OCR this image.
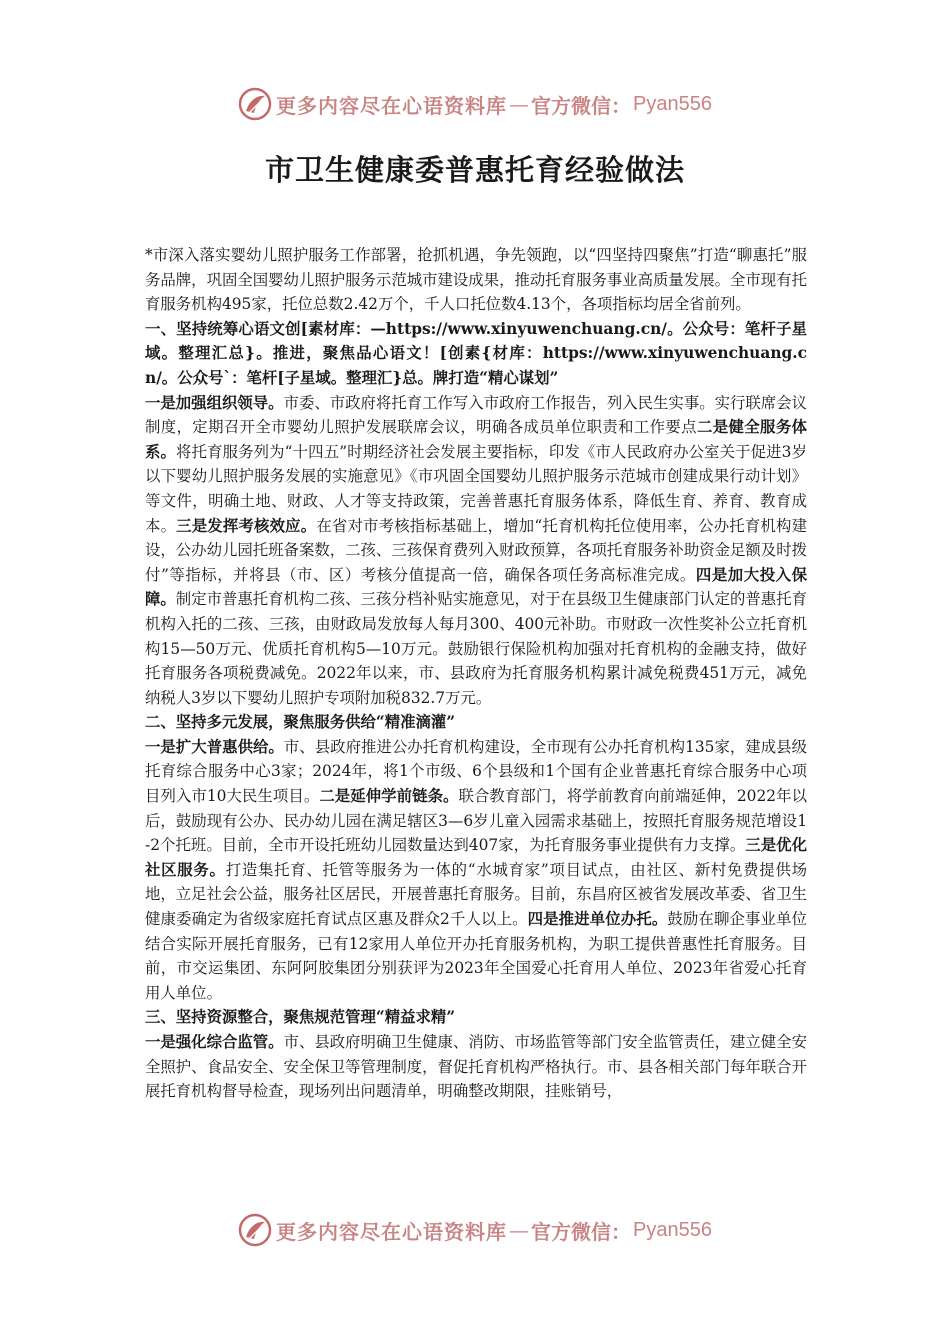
更多内容尽在心语资料库 — 官方微信： Pyan556
市卫生健康委普惠托育经验做法

*市深入落实婴幼儿照护服务工作部署，抢抓机遇，争先领跑，以“四坚持四聚焦”打造“聊惠托”服务品牌，巩固全国婴幼儿照护服务示范城市建设成果，推动托育服务事业高质量发展。全市现有托育服务机构495家，托位总数2.42万个，千人口托位数4.13个，各项指标均居全省前列。

一、坚持统筹心语文创[素材库：—https://www.xinyuwenchuang.cn/。公众号：笔杆子星域。整理汇总}。推进，聚焦品心语文！[创素{材库：https://www.xinyuwenchuang.cn/。公众号`：笔杆[子星域。整理汇}总。牌打造“精心谋划”

一是加强组织领导。市委、市政府将托育工作写入市政府工作报告，列入民生实事。实行联席会议制度，定期召开全市婴幼儿照护发展联席会议，明确各成员单位职责和工作要点二是健全服务体系。将托育服务列为“十四五”时期经济社会发展主要指标，印发《市人民政府办公室关于促进3岁以下婴幼儿照护服务发展的实施意见》《市巩固全国婴幼儿照护服务示范城市创建成果行动计划》等文件，明确土地、财政、人才等支持政策，完善普惠托育服务体系，降低生育、养育、教育成本。三是发挥考核效应。在省对市考核指标基础上，增加“托育机构托位使用率，公办托育机构建设，公办幼儿园托班备案数，二孩、三孩保育费列入财政预算，各项托育服务补助资金足额及时拨付”等指标，并将县（市、区）考核分值提高一倍，确保各项任务高标准完成。四是加大投入保障。制定市普惠托育机构二孩、三孩分档补贴实施意见，对于在县级卫生健康部门认定的普惠托育机构入托的二孩、三孩，由财政局发放每人每月300、400元补助。市财政一次性奖补公立托育机构15—50万元、优质托育机构5—10万元。鼓励银行保险机构加强对托育机构的金融支持，做好托育服务各项税费减免。2022年以来，市、县政府为托育服务机构累计减免税费451万元，减免纳税人3岁以下婴幼儿照护专项附加税832.7万元。

二、坚持多元发展，聚焦服务供给“精准滴灌”

一是扩大普惠供给。市、县政府推进公办托育机构建设，全市现有公办托育机构135家，建成县级托育综合服务中心3家；2024年，将1个市级、6个县级和1个国有企业普惠托育综合服务中心项目列入市10大民生项目。二是延伸学前链条。联合教育部门，将学前教育向前端延伸，2022年以后，鼓励现有公办、民办幼儿园在满足辖区3—6岁儿童入园需求基础上，按照托育服务规范增设1-2个托班。目前，全市开设托班幼儿园数量达到407家，为托育服务事业提供有力支撑。三是优化社区服务。打造集托育、托管等服务为一体的“水城育家”项目试点，由社区、新村免费提供场地，立足社会公益，服务社区居民，开展普惠托育服务。目前，东昌府区被省发展改革委、省卫生健康委确定为省级家庭托育试点区惠及群众2千人以上。四是推进单位办托。鼓励在聊企事业单位结合实际开展托育服务，已有12家用人单位开办托育服务机构，为职工提供普惠性托育服务。目前，市交运集团、东阿阿胶集团分别获评为2023年全国爱心托育用人单位、2023年省爱心托育用人单位。

三、坚持资源整合，聚焦规范管理“精益求精”

一是强化综合监管。市、县政府明确卫生健康、消防、市场监管等部门安全监管责任，建立健全安全照护、食品安全、安全保卫等管理制度，督促托育机构严格执行。市、县各相关部门每年联合开展托育机构督导检查，现场列出问题清单，明确整改期限，挂账销号，

更多内容尽在心语资料库 — 官方微信： Pyan556
